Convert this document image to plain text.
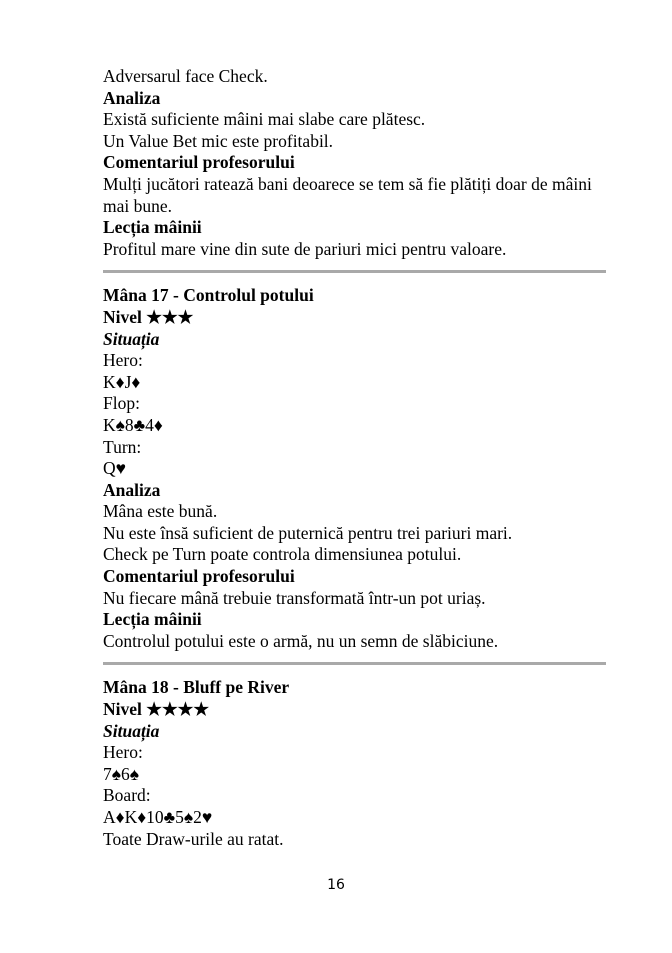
Adversarul face Check.
Analiza
Există suficiente mâini mai slabe care plătesc.
Un Value Bet mic este profitabil.
Comentariul profesorului
Mulți jucători ratează bani deoarece se tem să fie plătiți doar de mâini mai bune.
Lecția mâinii
Profitul mare vine din sute de pariuri mici pentru valoare.
Mâna 17 - Controlul potului
Nivel ★★★
Situația
Hero:
K♦J♦
Flop:
K♠8♣4♦
Turn:
Q♥
Analiza
Mâna este bună.
Nu este însă suficient de puternică pentru trei pariuri mari.
Check pe Turn poate controla dimensiunea potului.
Comentariul profesorului
Nu fiecare mână trebuie transformată într-un pot uriaș.
Lecția mâinii
Controlul potului este o armă, nu un semn de slăbiciune.
Mâna 18 - Bluff pe River
Nivel ★★★★
Situația
Hero:
7♠6♠
Board:
A♦K♦10♣5♠2♥
Toate Draw-urile au ratat.
16
